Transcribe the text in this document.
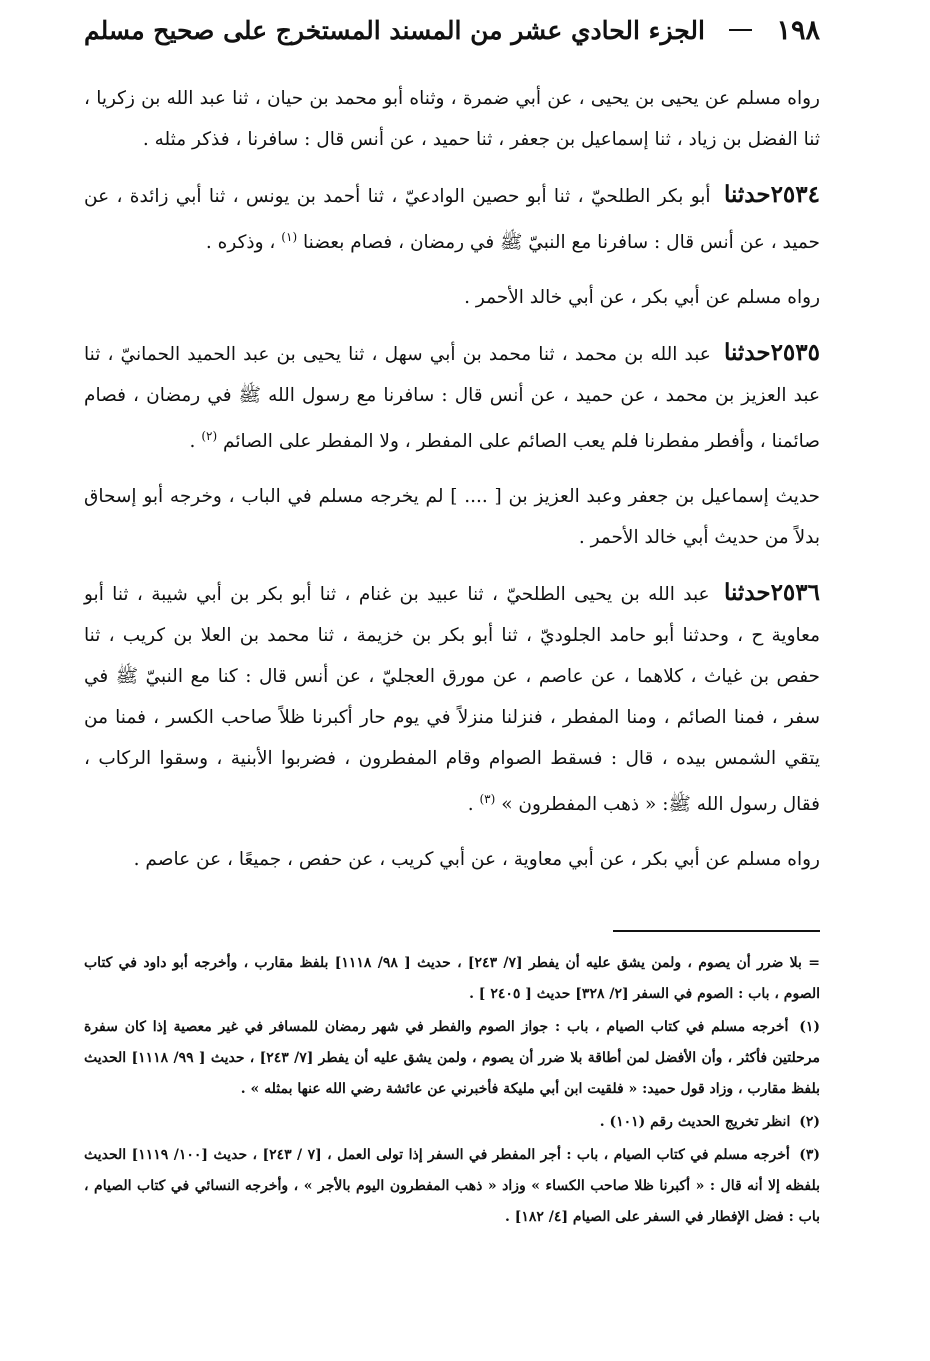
١٩٨
الجزء الحادي عشر من المسند المستخرج على صحيح مسلم

رواه مسلم عن يحيى بن يحيى ، عن أبي ضمرة ، وثناه أبو محمد بن حيان ، ثنا عبد الله بن زكريا ، ثنا الفضل بن زياد ، ثنا إسماعيل بن جعفر ، ثنا حميد ، عن أنس قال : سافرنا ، فذكر مثله .

٢٥٣٤حدثنا أبو بكر الطلحيّ ، ثنا أبو حصين الوادعيّ ، ثنا أحمد بن يونس ، ثنا أبي زائدة ، عن حميد ، عن أنس قال : سافرنا مع النبيّ ﷺ في رمضان ، فصام بعضنا $^{(١)}$ ، وذكره .

رواه مسلم عن أبي بكر ، عن أبي خالد الأحمر .

٢٥٣٥حدثنا عبد الله بن محمد ، ثنا محمد بن أبي سهل ، ثنا يحيى بن عبد الحميد الحمانيّ ، ثنا عبد العزيز بن محمد ، عن حميد ، عن أنس قال : سافرنا مع رسول الله ﷺ في رمضان ، فصام صائمنا ، وأفطر مفطرنا فلم يعب الصائم على المفطر ، ولا المفطر على الصائم $^{(٢)}$ .

حديث إسماعيل بن جعفر وعبد العزيز بن [ .... ] لم يخرجه مسلم في الباب ، وخرجه أبو إسحاق بدلاً من حديث أبي خالد الأحمر .

٢٥٣٦حدثنا عبد الله بن يحيى الطلحيّ ، ثنا عبيد بن غنام ، ثنا أبو بكر بن أبي شيبة ، ثنا أبو معاوية ح ، وحدثنا أبو حامد الجلوديّ ، ثنا أبو بكر بن خزيمة ، ثنا محمد بن العلا بن كريب ، ثنا حفص بن غياث ، كلاهما ، عن عاصم ، عن مورق العجليّ ، عن أنس قال : كنا مع النبيّ ﷺ في سفر ، فمنا الصائم ، ومنا المفطر ، فنزلنا منزلاً في يوم حار أكبرنا ظلاً صاحب الكسر ، فمنا من يتقي الشمس بيده ، قال : فسقط الصوام وقام المفطرون ، فضربوا الأبنية ، وسقوا الركاب ، فقال رسول الله ﷺ: « ذهب المفطرون » $^{(٣)}$ .

رواه مسلم عن أبي بكر ، عن أبي معاوية ، عن أبي كريب ، عن حفص ، جميعًا ، عن عاصم .

= بلا ضرر أن يصوم ، ولمن يشق عليه أن يفطر [٧/ ٢٤٣] ، حديث [ ٩٨/ ١١١٨] بلفظ مقارب ، وأخرجه أبو داود في كتاب الصوم ، باب : الصوم في السفر [٢/ ٣٢٨] حديث [ ٢٤٠٥ ] .

(١) أخرجه مسلم في كتاب الصيام ، باب : جواز الصوم والفطر في شهر رمضان للمسافر في غير معصية إذا كان سفرة مرحلتين فأكثر ، وأن الأفضل لمن أطاقة بلا ضرر أن يصوم ، ولمن يشق عليه أن يفطر [٧/ ٢٤٣] ، حديث [ ٩٩/ ١١١٨] الحديث بلفظ مقارب ، وزاد قول حميد: « فلقيت ابن أبي مليكة فأخبرني عن عائشة رضي الله عنها بمثله » .

(٢) انظر تخريج الحديث رقم (١٠١) .

(٣) أخرجه مسلم في كتاب الصيام ، باب : أجر المفطر في السفر إذا تولى العمل ، [٧ / ٢٤٣] ، حديث [١٠٠/ ١١١٩] الحديث بلفظه إلا أنه قال : « أكبرنا ظلا صاحب الكساء » وزاد « ذهب المفطرون اليوم بالأجر » ، وأخرجه النسائي في كتاب الصيام ، باب : فضل الإفطار في السفر على الصيام [٤/ ١٨٢] .
